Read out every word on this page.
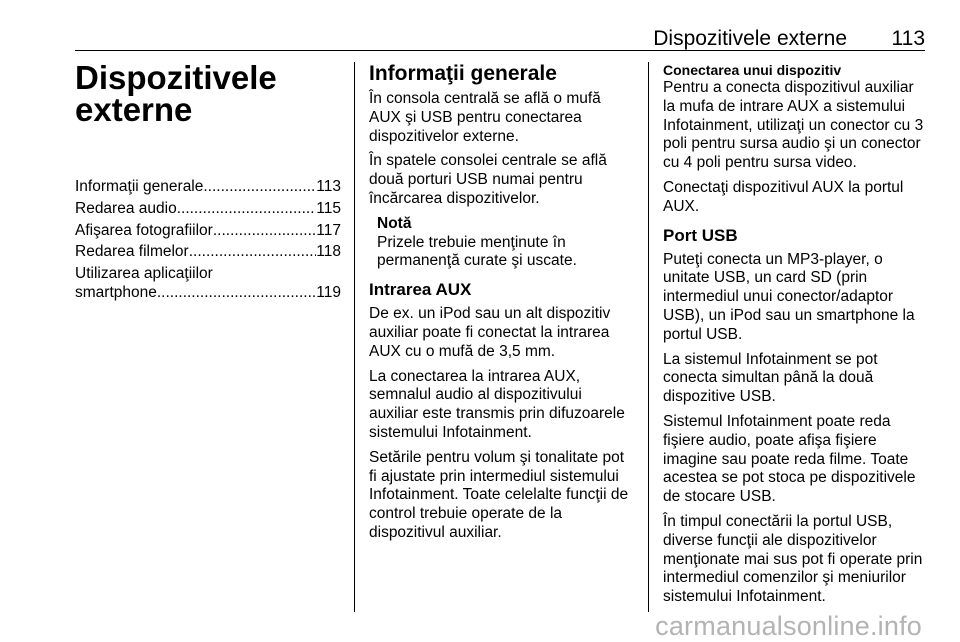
Dispozitivele externe 113
Dispozitivele
externe
Informaţii generale .....	113
Redarea audio .....	115
Afişarea fotografiilor .....	117
Redarea filmelor .....	118
Utilizarea aplicaţiilor
smartphone .....	119
Informaţii generale

În consola centrală se află o mufă AUX şi USB pentru conectarea dispozitivelor externe.

În spatele consolei centrale se află două porturi USB numai pentru încărcarea dispozitivelor.

Notă
Prizele trebuie menţinute în permanenţă curate şi uscate.
Intrarea AUX

De ex. un iPod sau un alt dispozitiv auxiliar poate fi conectat la intrarea AUX cu o mufă de 3,5 mm.

La conectarea la intrarea AUX, semnalul audio al dispozitivului auxiliar este transmis prin difuzoarele sistemului Infotainment.

Setările pentru volum şi tonalitate pot fi ajustate prin intermediul sistemului Infotainment. Toate celelalte funcţii de control trebuie operate de la dispozitivul auxiliar.

Conectarea unui dispozitiv

Pentru a conecta dispozitivul auxiliar la mufa de intrare AUX a sistemului Infotainment, utilizaţi un conector cu 3 poli pentru sursa audio şi un conector cu 4 poli pentru sursa video.

Conectaţi dispozitivul AUX la portul AUX.

Port USB

Puteţi conecta un MP3-player, o unitate USB, un card SD (prin intermediul unui conector/adaptor USB), un iPod sau un smartphone la portul USB.

La sistemul Infotainment se pot conecta simultan până la două dispozitive USB.

Sistemul Infotainment poate reda fişiere audio, poate afişa fişiere imagine sau poate reda filme. Toate acestea se pot stoca pe dispozitivele de stocare USB.

În timpul conectării la portul USB, diverse funcţii ale dispozitivelor menţionate mai sus pot fi operate prin intermediul comenzilor şi meniurilor sistemului Infotainment.

carmanualsonline.info
